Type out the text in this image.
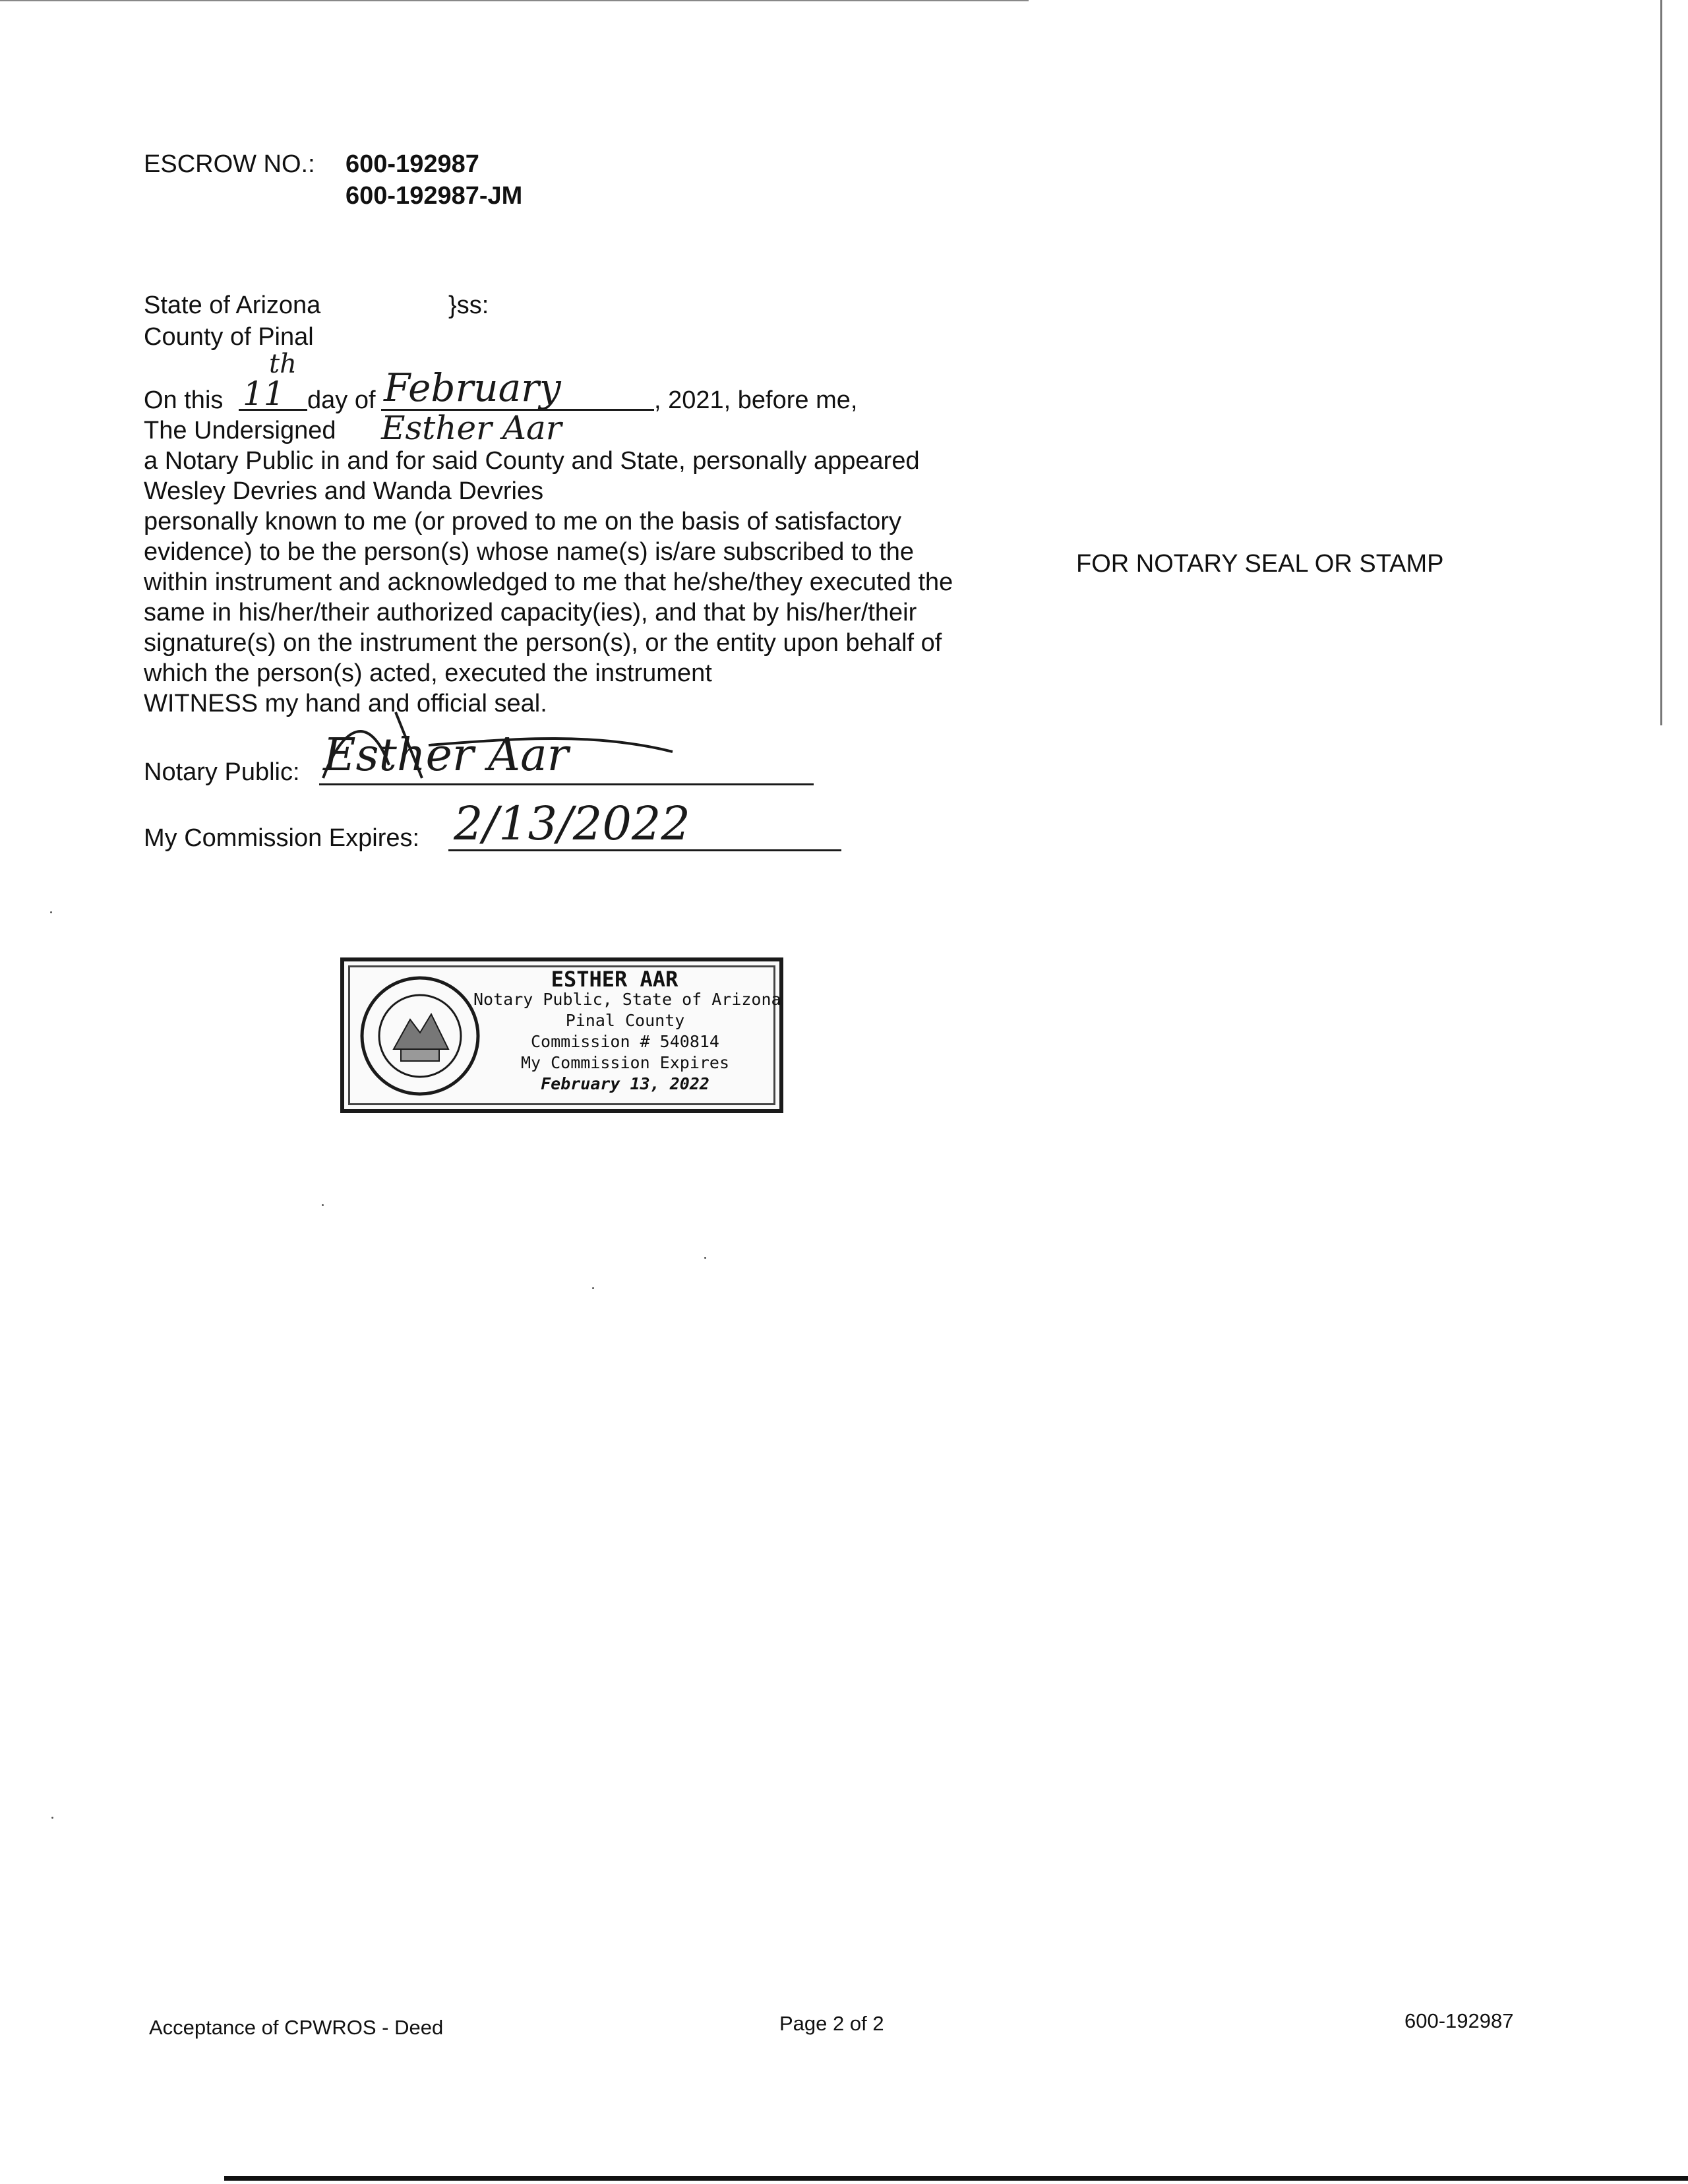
ESCROW NO.: 600-192987
600-192987-JM
State of Arizona	}ss:
County of Pinal
On this 11
th
day of February	, 2021, before me,
The Undersigned Esther Aar
a Notary Public in and for said County and State, personally appeared
Wesley Devries and Wanda Devries
personally known to me (or proved to me on the basis of satisfactory
evidence) to be the person(s) whose name(s) is/are subscribed to the
within instrument and acknowledged to me that he/she/they executed the
same in his/her/their authorized capacity(ies), and that by his/her/their
signature(s) on the instrument the person(s), or the entity upon behalf of
which the person(s) acted, executed the instrument
WITNESS my hand and official seal.
FOR NOTARY SEAL OR STAMP
Notary Public: Esther Aar
My Commission Expires: 2/13/2022
ESTHER AAR
Notary Public, State of Arizona
Pinal County
Commission # 540814
My Commission Expires
February 13, 2022
Acceptance of CPWROS - Deed	Page 2 of 2	600-192987
